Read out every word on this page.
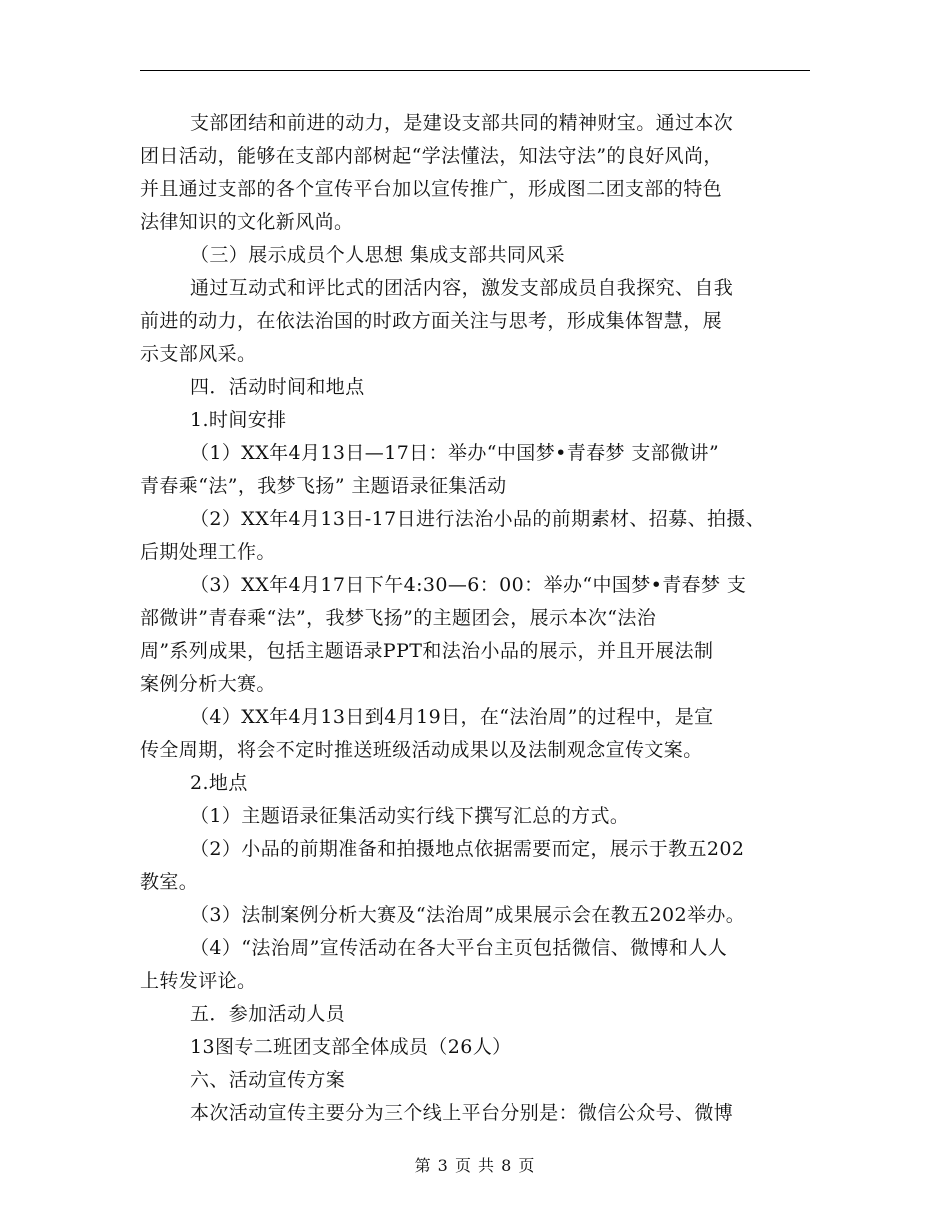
支部团结和前进的动力，是建设支部共同的精神财宝。通过本次
团日活动，能够在支部内部树起“学法懂法，知法守法”的良好风尚，
并且通过支部的各个宣传平台加以宣传推广，形成图二团支部的特色
法律知识的文化新风尚。
（三）展示成员个人思想 集成支部共同风采
通过互动式和评比式的团活内容，激发支部成员自我探究、自我
前进的动力，在依法治国的时政方面关注与思考，形成集体智慧，展
示支部风采。
四．活动时间和地点
1.时间安排
（1）XX年4月13日—17日：举办“中国梦•青春梦 支部微讲”
青春乘“法”，我梦飞扬” 主题语录征集活动
（2）XX年4月13日-17日进行法治小品的前期素材、招募、拍摄、
后期处理工作。
（3）XX年4月17日下午4:30—6：00：举办“中国梦•青春梦 支
部微讲”青春乘“法”，我梦飞扬”的主题团会，展示本次“法治
周”系列成果，包括主题语录PPT和法治小品的展示，并且开展法制
案例分析大赛。
（4）XX年4月13日到4月19日，在“法治周”的过程中，是宣
传全周期，将会不定时推送班级活动成果以及法制观念宣传文案。
2.地点
（1）主题语录征集活动实行线下撰写汇总的方式。
（2）小品的前期准备和拍摄地点依据需要而定，展示于教五202
教室。
（3）法制案例分析大赛及“法治周”成果展示会在教五202举办。
（4）“法治周”宣传活动在各大平台主页包括微信、微博和人人
上转发评论。
五．参加活动人员
13图专二班团支部全体成员（26人）
六、活动宣传方案
本次活动宣传主要分为三个线上平台分别是：微信公众号、微博
第 3 页 共 8 页
